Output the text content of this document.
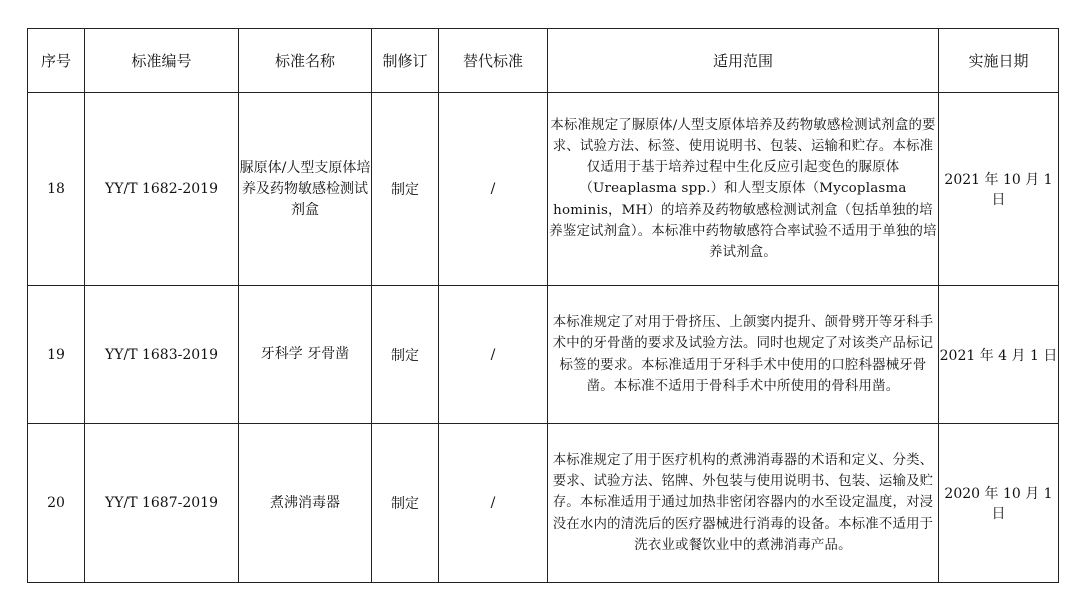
序号	标准编号	标准名称	制修订	替代标准	适用范围	实施日期
18	YY/T 1682-2019	脲原体/人型支原体培养及药物敏感检测试剂盒	制定	/	本标准规定了脲原体/人型支原体培养及药物敏感检测试剂盒的要求、试验方法、标签、使用说明书、包装、运输和贮存。本标准仅适用于基于培养过程中生化反应引起变色的脲原体（Ureaplasma spp.）和人型支原体（Mycoplasma hominis，MH）的培养及药物敏感检测试剂盒（包括单独的培养鉴定试剂盒）。本标准中药物敏感符合率试验不适用于单独的培养试剂盒。	2021 年 10 月 1 日
19	YY/T 1683-2019	牙科学 牙骨凿	制定	/	本标准规定了对用于骨挤压、上颌窦内提升、颌骨劈开等牙科手术中的牙骨凿的要求及试验方法。同时也规定了对该类产品标记标签的要求。本标准适用于牙科手术中使用的口腔科器械牙骨凿。本标准不适用于骨科手术中所使用的骨科用凿。	2021 年 4 月 1 日
20	YY/T 1687-2019	煮沸消毒器	制定	/	本标准规定了用于医疗机构的煮沸消毒器的术语和定义、分类、要求、试验方法、铭牌、外包装与使用说明书、包装、运输及贮存。本标准适用于通过加热非密闭容器内的水至设定温度，对浸没在水内的清洗后的医疗器械进行消毒的设备。本标准不适用于洗衣业或餐饮业中的煮沸消毒产品。	2020 年 10 月 1 日
